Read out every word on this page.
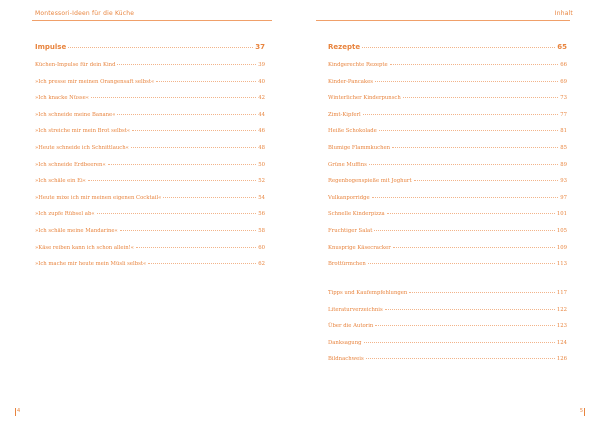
Montessori-Ideen für die Küche
Impulse	37
Küchen-Impulse für dein Kind	39
»Ich presse mir meinen Orangensaft selbst«	40
»Ich knacke Nüsse«	42
»Ich schneide meine Banane«	44
»Ich streiche mir mein Brot selbst«	46
»Heute schneide ich Schnittlauch«	48
»Ich schneide Erdbeeren«	50
»Ich schäle ein Ei«	52
»Heute mixe ich mir meinen eigenen Cocktail«	54
»Ich zupfe Rübsel ab«	56
»Ich schäle meine Mandarine«	58
»Käse reiben kann ich schon allein!«	60
»Ich mache mir heute mein Müsli selbst«	62
4
Inhalt
Rezepte	65
Kindgerechte Rezepte	66
Kinder-Pancakes	69
Winterlicher Kinderpunsch	73
Zimt-Kipferl	77
Heiße Schokolade	81
Blumige Flammkuchen	85
Grüne Muffins	89
Regenbogenspieße mit Joghurt	93
Vulkanporridge	97
Schnelle Kinderpizza	101
Fruchtiger Salat	105
Knusprige Käsecracker	109
Brottürmchen	113
Tipps und Kaufempfehlungen	117
Literaturverzeichnis	122
Über die Autorin	123
Danksagung	124
Bildnachweis	126
5
